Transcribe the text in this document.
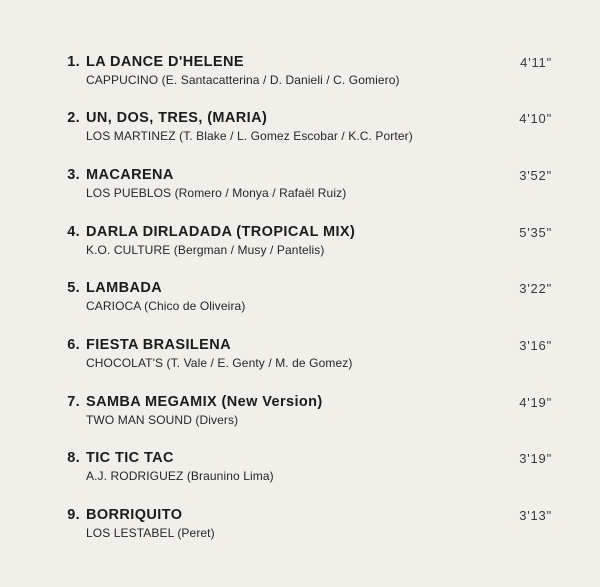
1. LA DANCE D'HELENE
CAPPUCINO (E. Santacatterina / D. Danieli / C. Gomiero)
4'11"
2. UN, DOS, TRES, (MARIA)
LOS MARTINEZ (T. Blake / L. Gomez Escobar / K.C. Porter)
4'10"
3. MACARENA
LOS PUEBLOS (Romero / Monya / Rafaël Ruiz)
3'52"
4. DARLA DIRLADADA (TROPICAL MIX)
K.O. CULTURE (Bergman / Musy / Pantelis)
5'35"
5. LAMBADA
CARIOCA (Chico de Oliveira)
3'22"
6. FIESTA BRASILENA
CHOCOLAT'S (T. Vale / E. Genty / M. de Gomez)
3'16"
7. SAMBA MEGAMIX (New Version)
TWO MAN SOUND (Divers)
4'19"
8. TIC TIC TAC
A.J. RODRIGUEZ (Braunino Lima)
3'19"
9. BORRIQUITO
LOS LESTABEL (Peret)
3'13"
